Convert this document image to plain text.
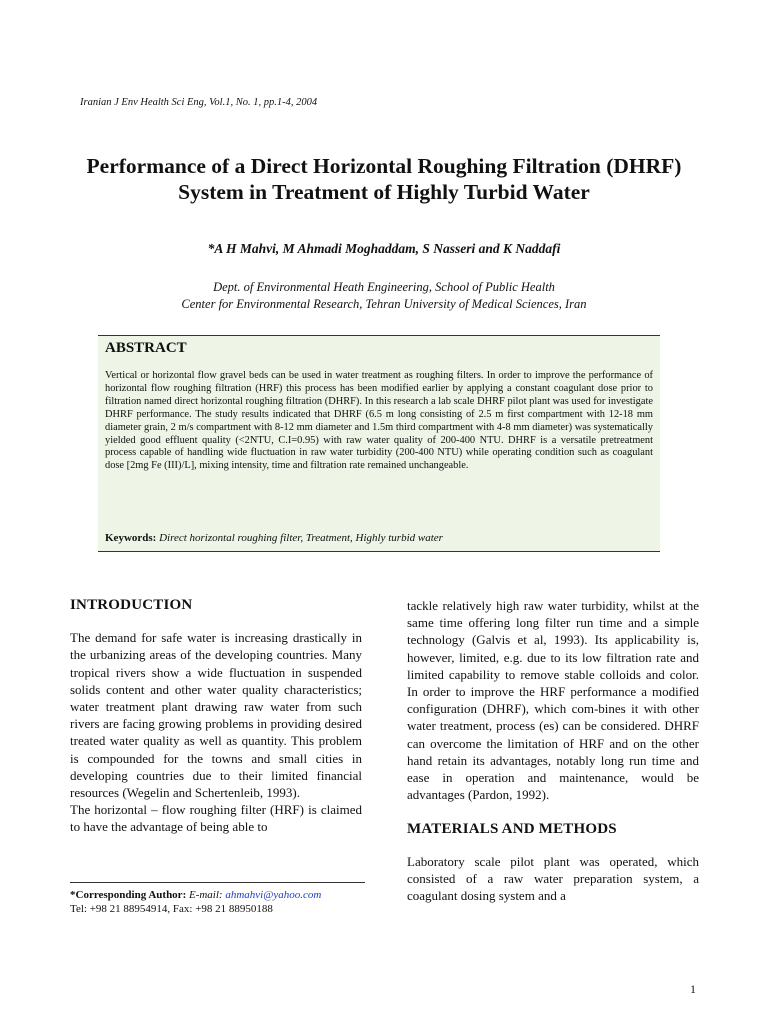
Iranian J Env Health Sci Eng, Vol.1, No. 1, pp.1-4, 2004
Performance of a Direct Horizontal Roughing Filtration (DHRF)
System in Treatment of Highly Turbid Water
*A H Mahvi, M Ahmadi Moghaddam, S Nasseri and K Naddafi
Dept. of Environmental Heath Engineering, School of Public Health
Center for Environmental Research, Tehran University of Medical Sciences, Iran
ABSTRACT

Vertical or horizontal flow gravel beds can be used in water treatment as roughing filters. In order to improve the performance of horizontal flow roughing filtration (HRF) this process has been modified earlier by applying a constant coagulant dose prior to filtration named direct horizontal roughing filtration (DHRF). In this research a lab scale DHRF pilot plant was used for investigate DHRF performance. The study results indicated that DHRF (6.5 m long consisting of 2.5 m first compartment with 12-18 mm diameter grain, 2 m/s compartment with 8-12 mm diameter and 1.5m third compartment with 4-8 mm diameter) was systematically yielded good effluent quality (<2NTU, C.I=0.95) with raw water quality of 200-400 NTU. DHRF is a versatile pretreatment process capable of handling wide fluctuation in raw water turbidity (200-400 NTU) while operating condition such as coagulant dose [2mg Fe (III)/L], mixing intensity, time and filtration rate remained unchangeable.

Keywords: Direct horizontal roughing filter, Treatment, Highly turbid water
INTRODUCTION

The demand for safe water is increasing drastically in the urbanizing areas of the developing countries. Many tropical rivers show a wide fluctuation in suspended solids content and other water quality characteristics; water treatment plant drawing raw water from such rivers are facing growing problems in providing desired treated water quality as well as quantity. This problem is compounded for the towns and small cities in developing countries due to their limited financial resources (Wegelin and Schertenleib, 1993).

The horizontal – flow roughing filter (HRF) is claimed to have the advantage of being able to

tackle relatively high raw water turbidity, whilst at the same time offering long filter run time and a simple technology (Galvis et al, 1993). Its applicability is, however, limited, e.g. due to its low filtration rate and limited capability to remove stable colloids and color. In order to improve the HRF performance a modified configuration (DHRF), which com-bines it with other water treatment, process (es) can be considered. DHRF can overcome the limitation of HRF and on the other hand retain its advantages, notably long run time and ease in operation and maintenance, would be advantages (Pardon, 1992).

MATERIALS AND METHODS

Laboratory scale pilot plant was operated, which consisted of a raw water preparation system, a coagulant dosing system and a

*Corresponding Author: E-mail: ahmahvi@yahoo.com
Tel: +98 21 88954914, Fax: +98 21 88950188
1
